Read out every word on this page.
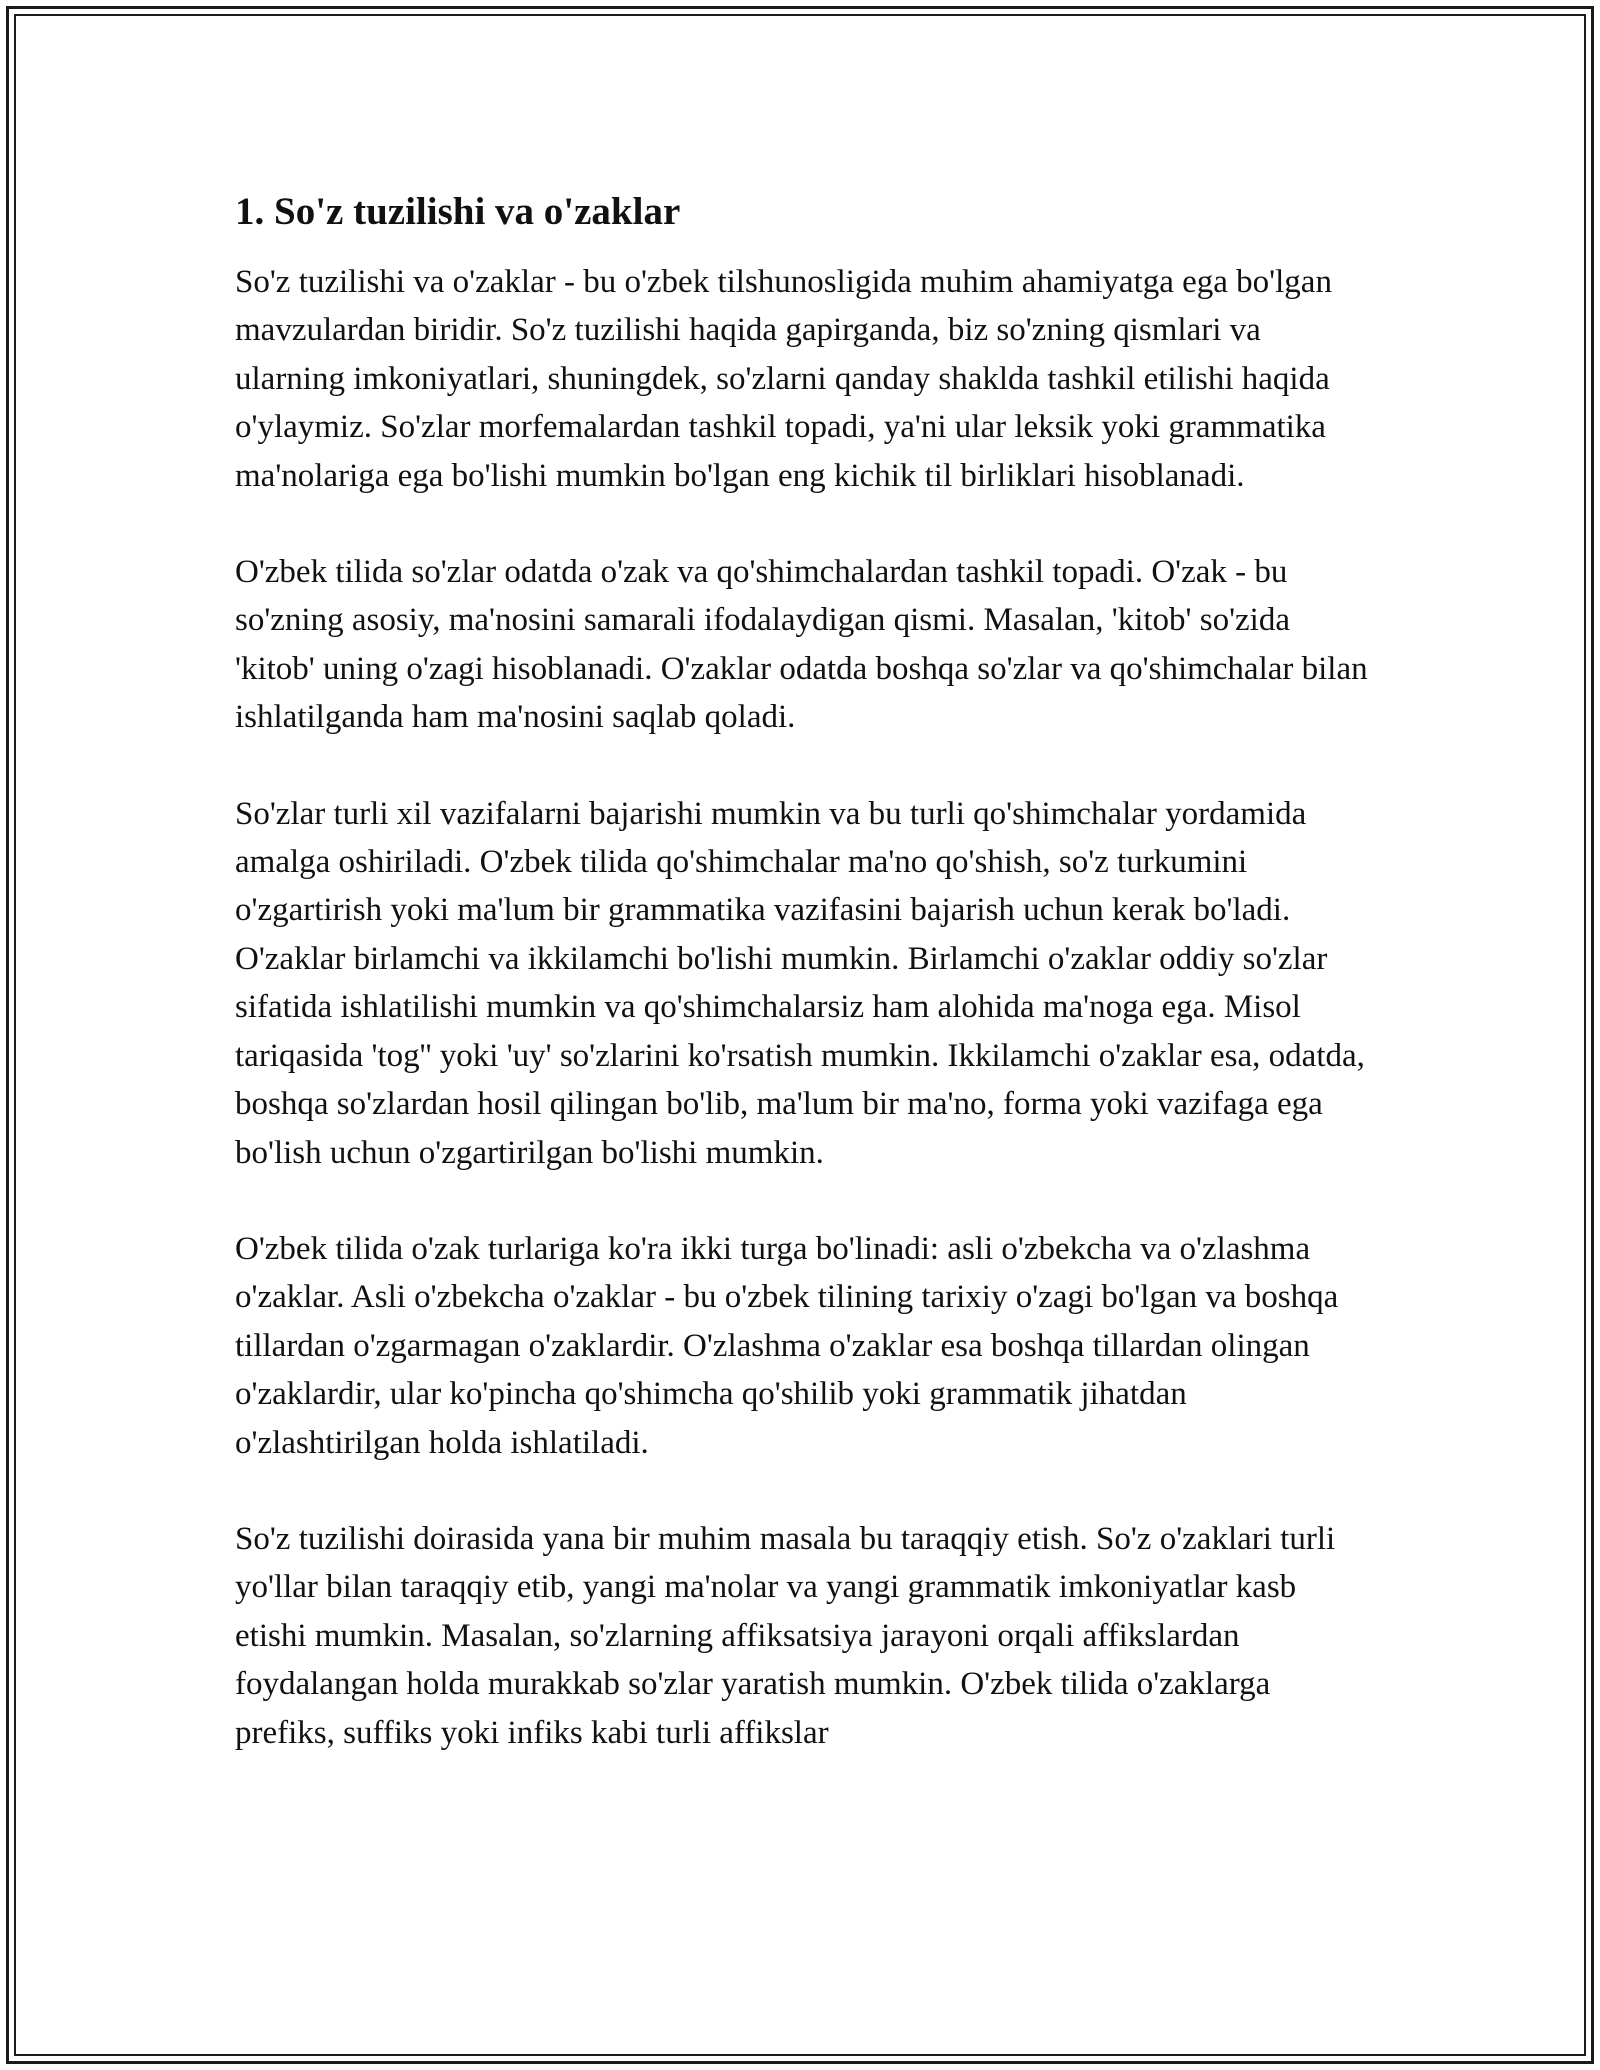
1. So'z tuzilishi va o'zaklar

So'z tuzilishi va o'zaklar - bu o'zbek tilshunosligida muhim ahamiyatga ega bo'lgan mavzulardan biridir. So'z tuzilishi haqida gapirganda, biz so'zning qismlari va ularning imkoniyatlari, shuningdek, so'zlarni qanday shaklda tashkil etilishi haqida o'ylaymiz. So'zlar morfemalardan tashkil topadi, ya'ni ular leksik yoki grammatika ma'nolariga ega bo'lishi mumkin bo'lgan eng kichik til birliklari hisoblanadi.

O'zbek tilida so'zlar odatda o'zak va qo'shimchalardan tashkil topadi. O'zak - bu so'zning asosiy, ma'nosini samarali ifodalaydigan qismi. Masalan, 'kitob' so'zida 'kitob' uning o'zagi hisoblanadi. O'zaklar odatda boshqa so'zlar va qo'shimchalar bilan ishlatilganda ham ma'nosini saqlab qoladi.

So'zlar turli xil vazifalarni bajarishi mumkin va bu turli qo'shimchalar yordamida amalga oshiriladi. O'zbek tilida qo'shimchalar ma'no qo'shish, so'z turkumini o'zgartirish yoki ma'lum bir grammatika vazifasini bajarish uchun kerak bo'ladi. O'zaklar birlamchi va ikkilamchi bo'lishi mumkin. Birlamchi o'zaklar oddiy so'zlar sifatida ishlatilishi mumkin va qo'shimchalarsiz ham alohida ma'noga ega. Misol tariqasida 'tog'' yoki 'uy' so'zlarini ko'rsatish mumkin. Ikkilamchi o'zaklar esa, odatda, boshqa so'zlardan hosil qilingan bo'lib, ma'lum bir ma'no, forma yoki vazifaga ega bo'lish uchun o'zgartirilgan bo'lishi mumkin.

O'zbek tilida o'zak turlariga ko'ra ikki turga bo'linadi: asli o'zbekcha va o'zlashma o'zaklar. Asli o'zbekcha o'zaklar - bu o'zbek tilining tarixiy o'zagi bo'lgan va boshqa tillardan o'zgarmagan o'zaklardir. O'zlashma o'zaklar esa boshqa tillardan olingan o'zaklardir, ular ko'pincha qo'shimcha qo'shilib yoki grammatik jihatdan o'zlashtirilgan holda ishlatiladi.

So'z tuzilishi doirasida yana bir muhim masala bu taraqqiy etish. So'z o'zaklari turli yo'llar bilan taraqqiy etib, yangi ma'nolar va yangi grammatik imkoniyatlar kasb etishi mumkin. Masalan, so'zlarning affiksatsiya jarayoni orqali affikslardan foydalangan holda murakkab so'zlar yaratish mumkin. O'zbek tilida o'zaklarga prefiks, suffiks yoki infiks kabi turli affikslar
